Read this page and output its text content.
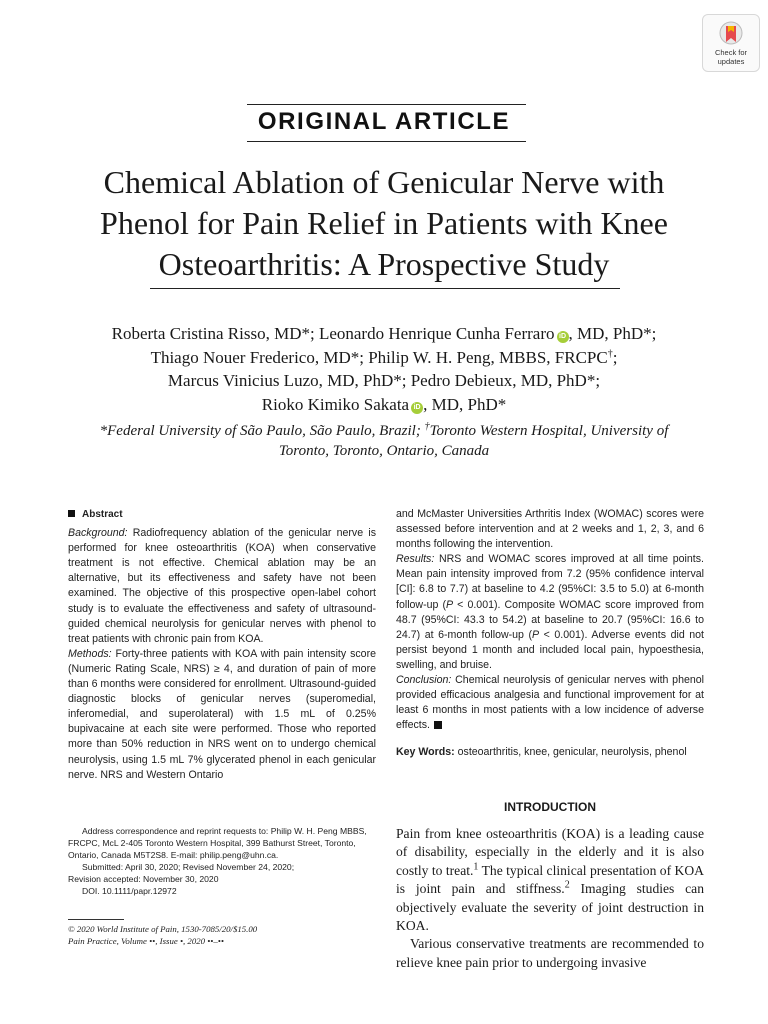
Check for
updates
ORIGINAL ARTICLE
Chemical Ablation of Genicular Nerve with
Phenol for Pain Relief in Patients with Knee
Osteoarthritis: A Prospective Study
Roberta Cristina Risso, MD*; Leonardo Henrique Cunha Ferraro iD , MD, PhD*;
Thiago Nouer Frederico, MD*; Philip W. H. Peng, MBBS, FRCPC†;
Marcus Vinicius Luzo, MD, PhD*; Pedro Debieux, MD, PhD*;
Rioko Kimiko Sakata iD , MD, PhD*
*Federal University of São Paulo, São Paulo, Brazil; †Toronto Western Hospital, University of
Toronto, Toronto, Ontario, Canada
Abstract

Background: Radiofrequency ablation of the genicular nerve is performed for knee osteoarthritis (KOA) when conservative treatment is not effective. Chemical ablation may be an alternative, but its effectiveness and safety have not been examined. The objective of this prospective open-label cohort study is to evaluate the effectiveness and safety of ultrasound-guided chemical neurolysis for genicular nerves with phenol to treat patients with chronic pain from KOA.

Methods: Forty-three patients with KOA with pain intensity score (Numeric Rating Scale, NRS) ≥ 4, and duration of pain of more than 6 months were considered for enrollment. Ultrasound-guided diagnostic blocks of genicular nerves (superomedial, inferomedial, and superolateral) with 1.5 mL of 0.25% bupivacaine at each site were performed. Those who reported more than 50% reduction in NRS went on to undergo chemical neurolysis, using 1.5 mL 7% glycerated phenol in each genicular nerve. NRS and Western Ontario

and McMaster Universities Arthritis Index (WOMAC) scores were assessed before intervention and at 2 weeks and 1, 2, 3, and 6 months following the intervention.

Results: NRS and WOMAC scores improved at all time points. Mean pain intensity improved from 7.2 (95% confidence interval [CI]: 6.8 to 7.7) at baseline to 4.2 (95%CI: 3.5 to 5.0) at 6-month follow-up (P < 0.001). Composite WOMAC score improved from 48.7 (95%CI: 43.3 to 54.2) at baseline to 20.7 (95%CI: 16.6 to 24.7) at 6-month follow-up (P < 0.001). Adverse events did not persist beyond 1 month and included local pain, hypoesthesia, swelling, and bruise.

Conclusion: Chemical neurolysis of genicular nerves with phenol provided efficacious analgesia and functional improvement for at least 6 months in most patients with a low incidence of adverse effects.

Key Words: osteoarthritis, knee, genicular, neurolysis, phenol
INTRODUCTION

Pain from knee osteoarthritis (KOA) is a leading cause of disability, especially in the elderly and it is also costly to treat.$^1$ The typical clinical presentation of KOA is joint pain and stiffness.$^2$ Imaging studies can objectively evaluate the severity of joint destruction in KOA.

Various conservative treatments are recommended to relieve knee pain prior to undergoing invasive

Address correspondence and reprint requests to: Philip W. H. Peng MBBS, FRCPC, McL 2-405 Toronto Western Hospital, 399 Bathurst Street, Toronto, Ontario, Canada M5T2S8. E-mail: philip.peng@uhn.ca.

Submitted: April 30, 2020; Revised November 24, 2020;

Revision accepted: November 30, 2020

DOI. 10.1111/papr.12972

© 2020 World Institute of Pain, 1530-7085/20/$15.00
Pain Practice, Volume ••, Issue •, 2020 ••–••
